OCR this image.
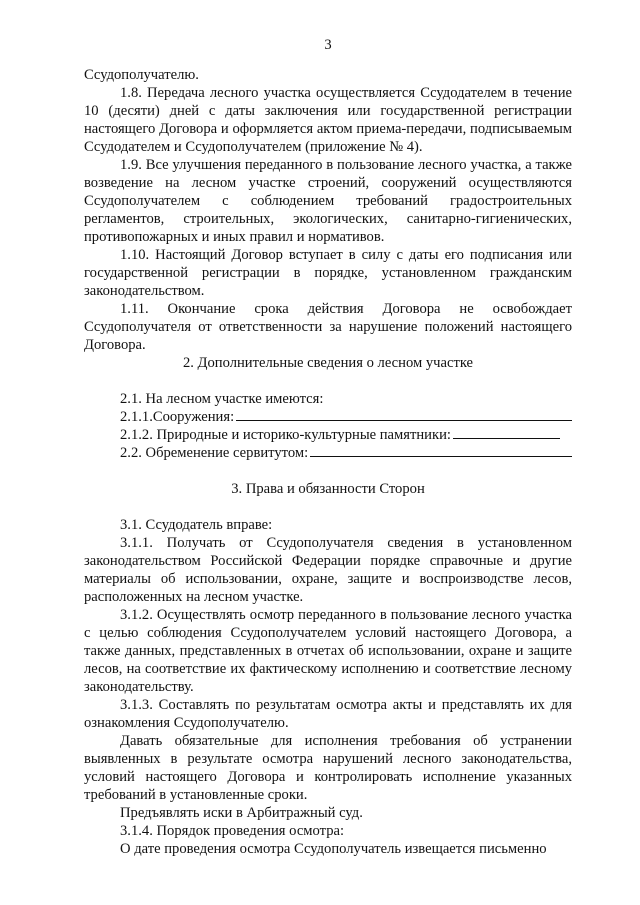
3

Ссудополучателю.

1.8. Передача лесного участка осуществляется Ссудодателем в течение 10 (десяти) дней с даты заключения или государственной регистрации настоящего Договора и оформляется актом приема-передачи, подписываемым Ссудодателем и Ссудополучателем (приложение № 4).

1.9. Все улучшения переданного в пользование лесного участка, а также возведение на лесном участке строений, сооружений осуществляются Ссудополучателем с соблюдением требований градостроительных регламентов, строительных, экологических, санитарно-гигиенических, противопожарных и иных правил и нормативов.

1.10. Настоящий Договор вступает в силу с даты его подписания или государственной регистрации в порядке, установленном гражданским законодательством.

1.11. Окончание срока действия Договора не освобождает Ссудополучателя от ответственности за нарушение положений настоящего Договора.

2. Дополнительные сведения о лесном участке

2.1. На лесном участке имеются:

2.1.1.Сооружения:
2.1.2. Природные и историко-культурные памятники:
2.2. Обременение сервитутом:

3. Права и обязанности Сторон

3.1. Ссудодатель вправе:

3.1.1. Получать от Ссудополучателя сведения в установленном законодательством Российской Федерации порядке справочные и другие материалы об использовании, охране, защите и воспроизводстве лесов, расположенных на лесном участке.

3.1.2. Осуществлять осмотр переданного в пользование лесного участка с целью соблюдения Ссудополучателем условий настоящего Договора, а также данных, представленных в отчетах об использовании, охране и защите лесов, на соответствие их фактическому исполнению и соответствие лесному законодательству.

3.1.3. Составлять по результатам осмотра акты и представлять их для ознакомления Ссудополучателю.

Давать обязательные для исполнения требования об устранении выявленных в результате осмотра нарушений лесного законодательства, условий настоящего Договора и контролировать исполнение указанных требований в установленные сроки.

Предъявлять иски в Арбитражный суд.

3.1.4. Порядок проведения осмотра:

О дате проведения осмотра Ссудополучатель извещается письменно
